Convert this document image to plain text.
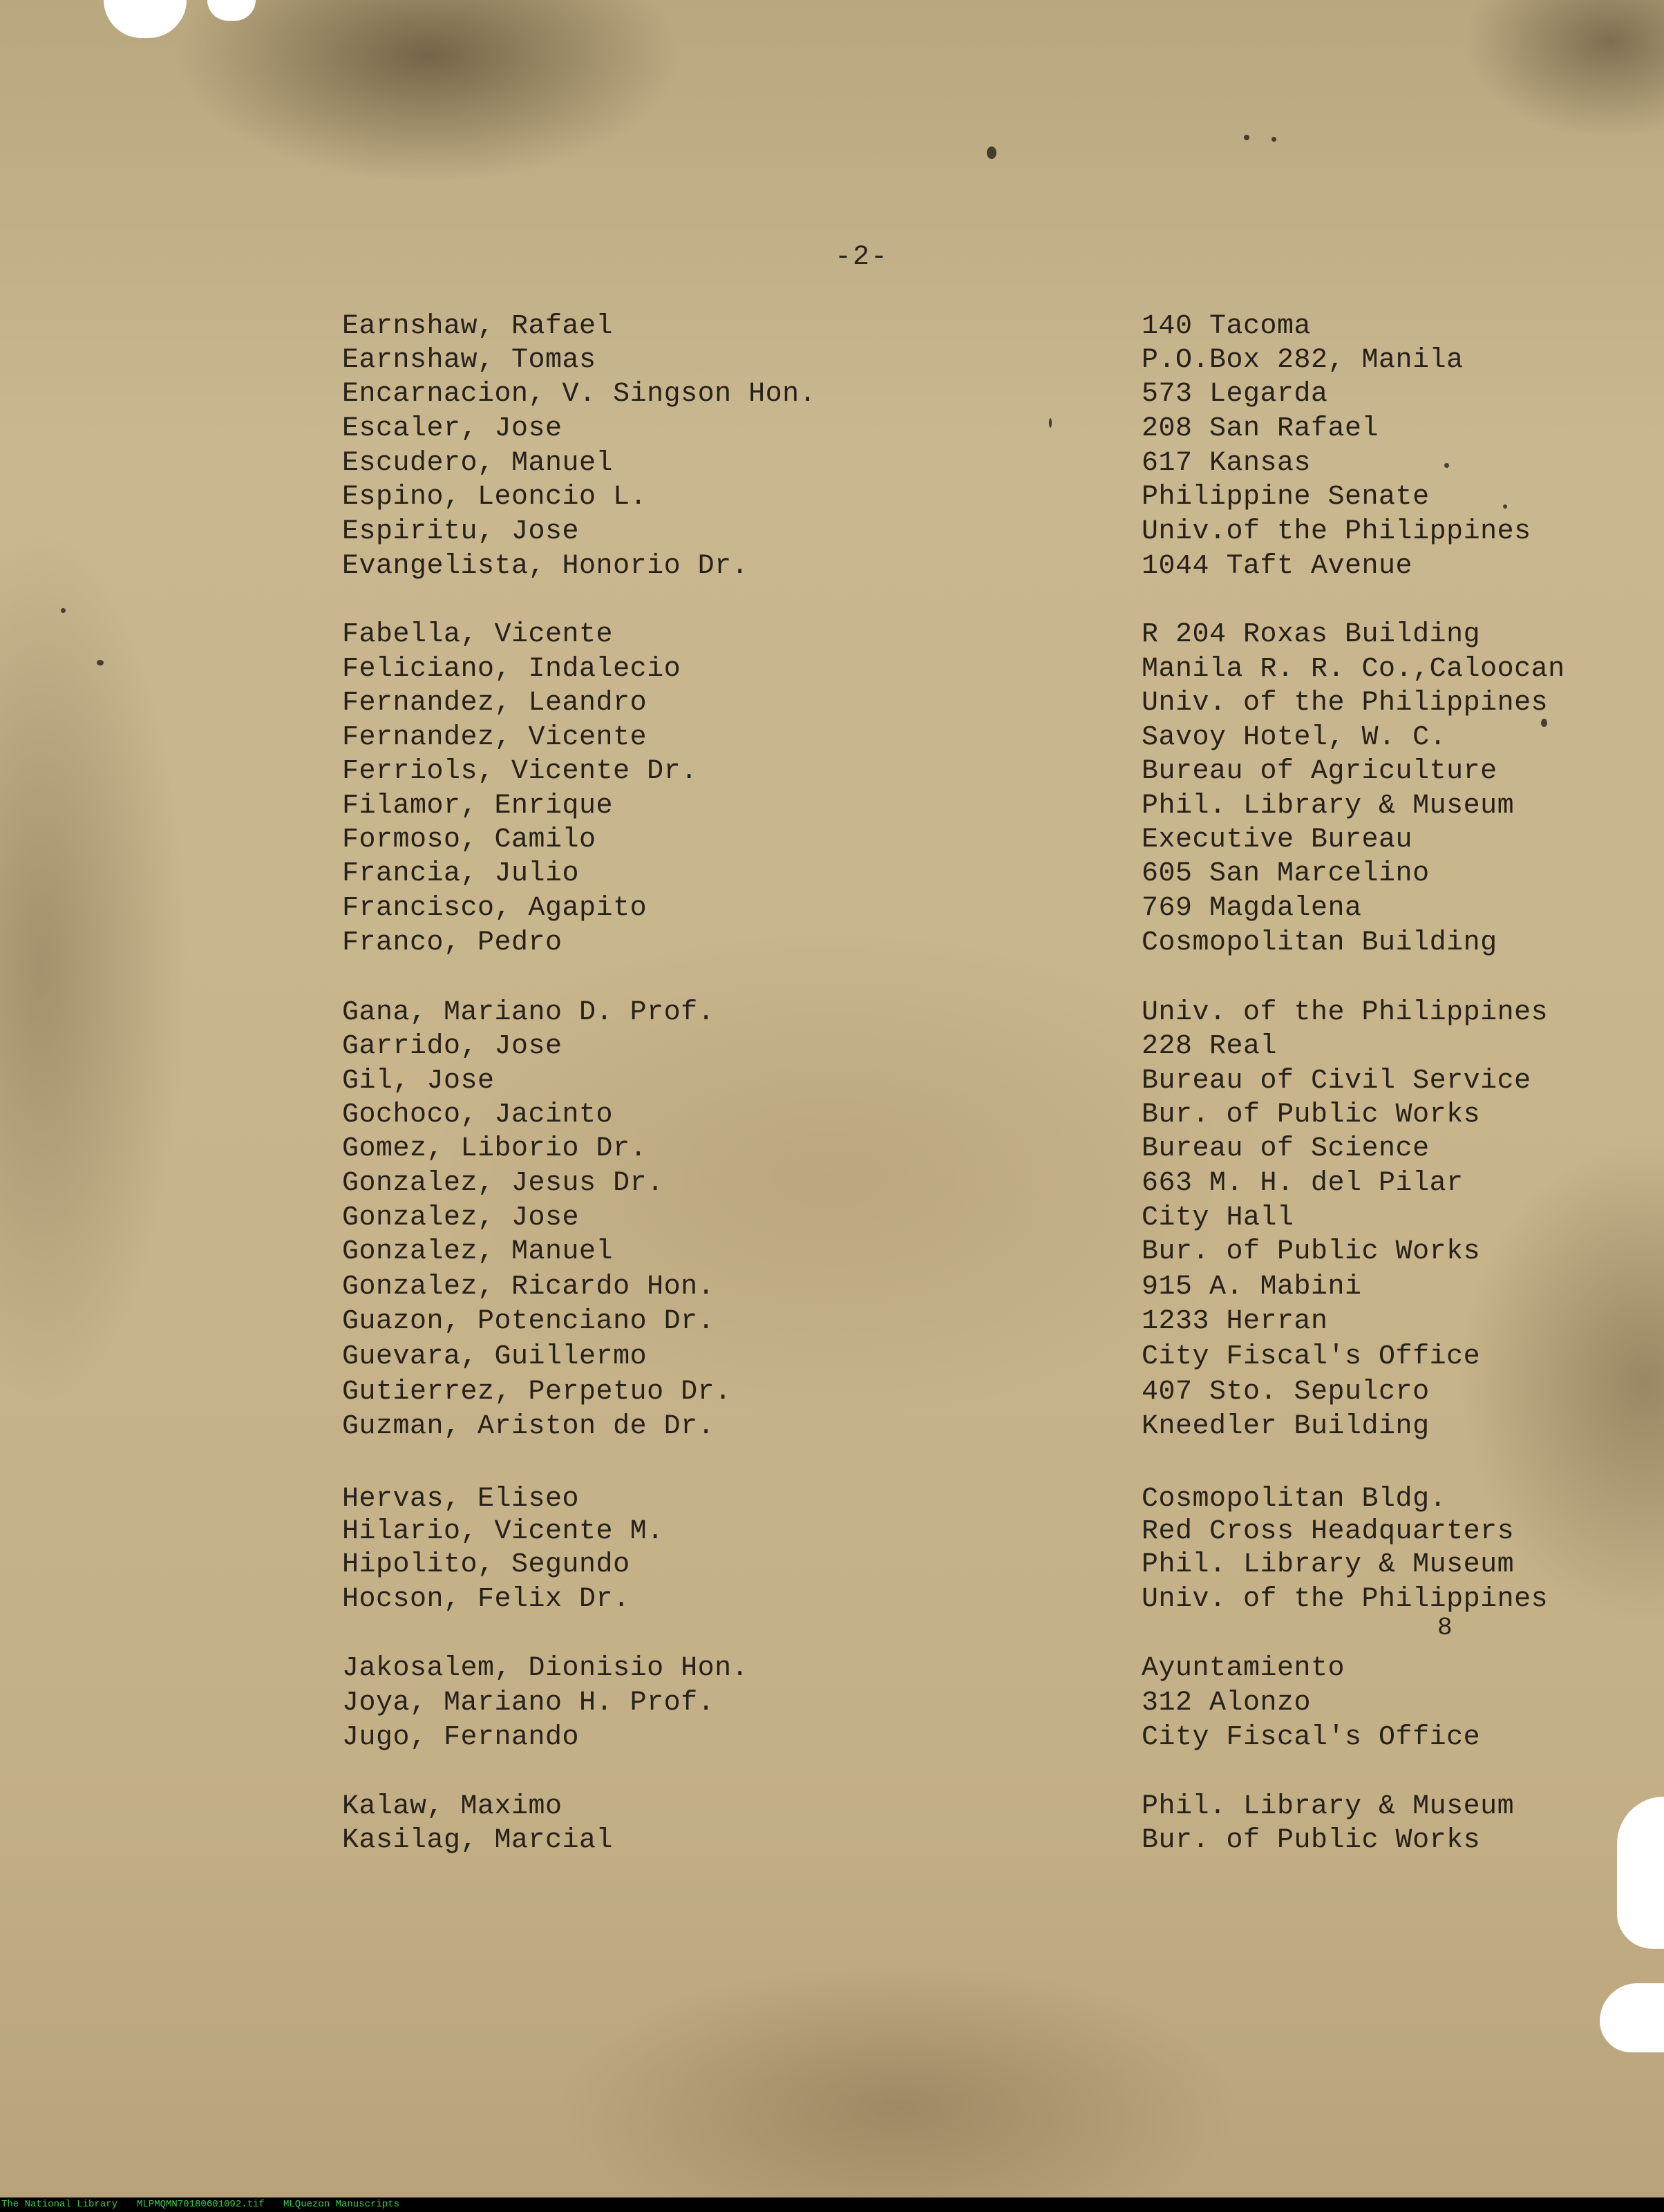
-2-
Earnshaw, Rafael	140 Tacoma
Earnshaw, Tomas	P.O.Box 282, Manila
Encarnacion, V. Singson Hon.	573 Legarda
Escaler, Jose	208 San Rafael
Escudero, Manuel	617 Kansas
Espino, Leoncio L.	Philippine Senate
Espiritu, Jose	Univ.of the Philippines
Evangelista, Honorio Dr.	1044 Taft Avenue
Fabella, Vicente	R 204 Roxas Building
Feliciano, Indalecio	Manila R. R. Co.,Caloocan
Fernandez, Leandro	Univ. of the Philippines
Fernandez, Vicente	Savoy Hotel, W. C.
Ferriols, Vicente Dr.	Bureau of Agriculture
Filamor, Enrique	Phil. Library & Museum
Formoso, Camilo	Executive Bureau
Francia, Julio	605 San Marcelino
Francisco, Agapito	769 Magdalena
Franco, Pedro	Cosmopolitan Building
Gana, Mariano D. Prof.	Univ. of the Philippines
Garrido, Jose	228 Real
Gil, Jose	Bureau of Civil Service
Gochoco, Jacinto	Bur. of Public Works
Gomez, Liborio Dr.	Bureau of Science
Gonzalez, Jesus Dr.	663 M. H. del Pilar
Gonzalez, Jose	City Hall
Gonzalez, Manuel	Bur. of Public Works
Gonzalez, Ricardo Hon.	915 A. Mabini
Guazon, Potenciano Dr.	1233 Herran
Guevara, Guillermo	City Fiscal's Office
Gutierrez, Perpetuo Dr.	407 Sto. Sepulcro
Guzman, Ariston de Dr.	Kneedler Building
Hervas, Eliseo	Cosmopolitan Bldg.
Hilario, Vicente M.	Red Cross Headquarters
Hipolito, Segundo	Phil. Library & Museum
Hocson, Felix Dr.	Univ. of the Philippines
Jakosalem, Dionisio Hon.	Ayuntamiento
Joya, Mariano H. Prof.	312 Alonzo
Jugo, Fernando	City Fiscal's Office
Kalaw, Maximo	Phil. Library & Museum
Kasilag, Marcial	Bur. of Public Works
8
The National Library MLPMQMN70180601092.tif MLQuezon Manuscripts
